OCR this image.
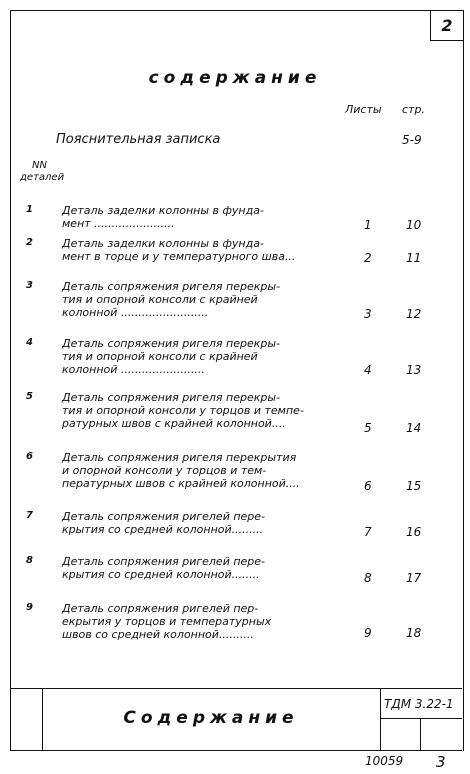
2
содержание
Листы стр.
Пояснительная записка	5-9
NN
деталей
1	Деталь заделки колонны в фунда-
мент .......................	1	10
2	Деталь заделки колонны в фунда-
мент в торце и у температурного шва...	2	11
3	Деталь сопряжения ригеля перекры-
тия и опорной консоли с крайней
колонной .........................	3	12
4	Деталь сопряжения ригеля перекры-
тия и опорной консоли с крайней
колонной ........................	4	13
5	Деталь сопряжения ригеля перекры-
тия и опорной консоли у торцов и темпе-
ратурных швов с крайней колонной....	5	14
6	Деталь сопряжения ригеля перекрытия
и опорной консоли у торцов и тем-
пературных швов с крайней колонной....	6	15
7	Деталь сопряжения ригелей пере-
крытия со средней колонной.........	7	16
8	Деталь сопряжения ригелей пере-
крытия со средней колонной........	8	17
9	Деталь сопряжения ригелей пер-
екрытия у торцов и температурных
швов со средней колонной..........	9	18
Содержание
ТДМ 3.22-1
10059 3
